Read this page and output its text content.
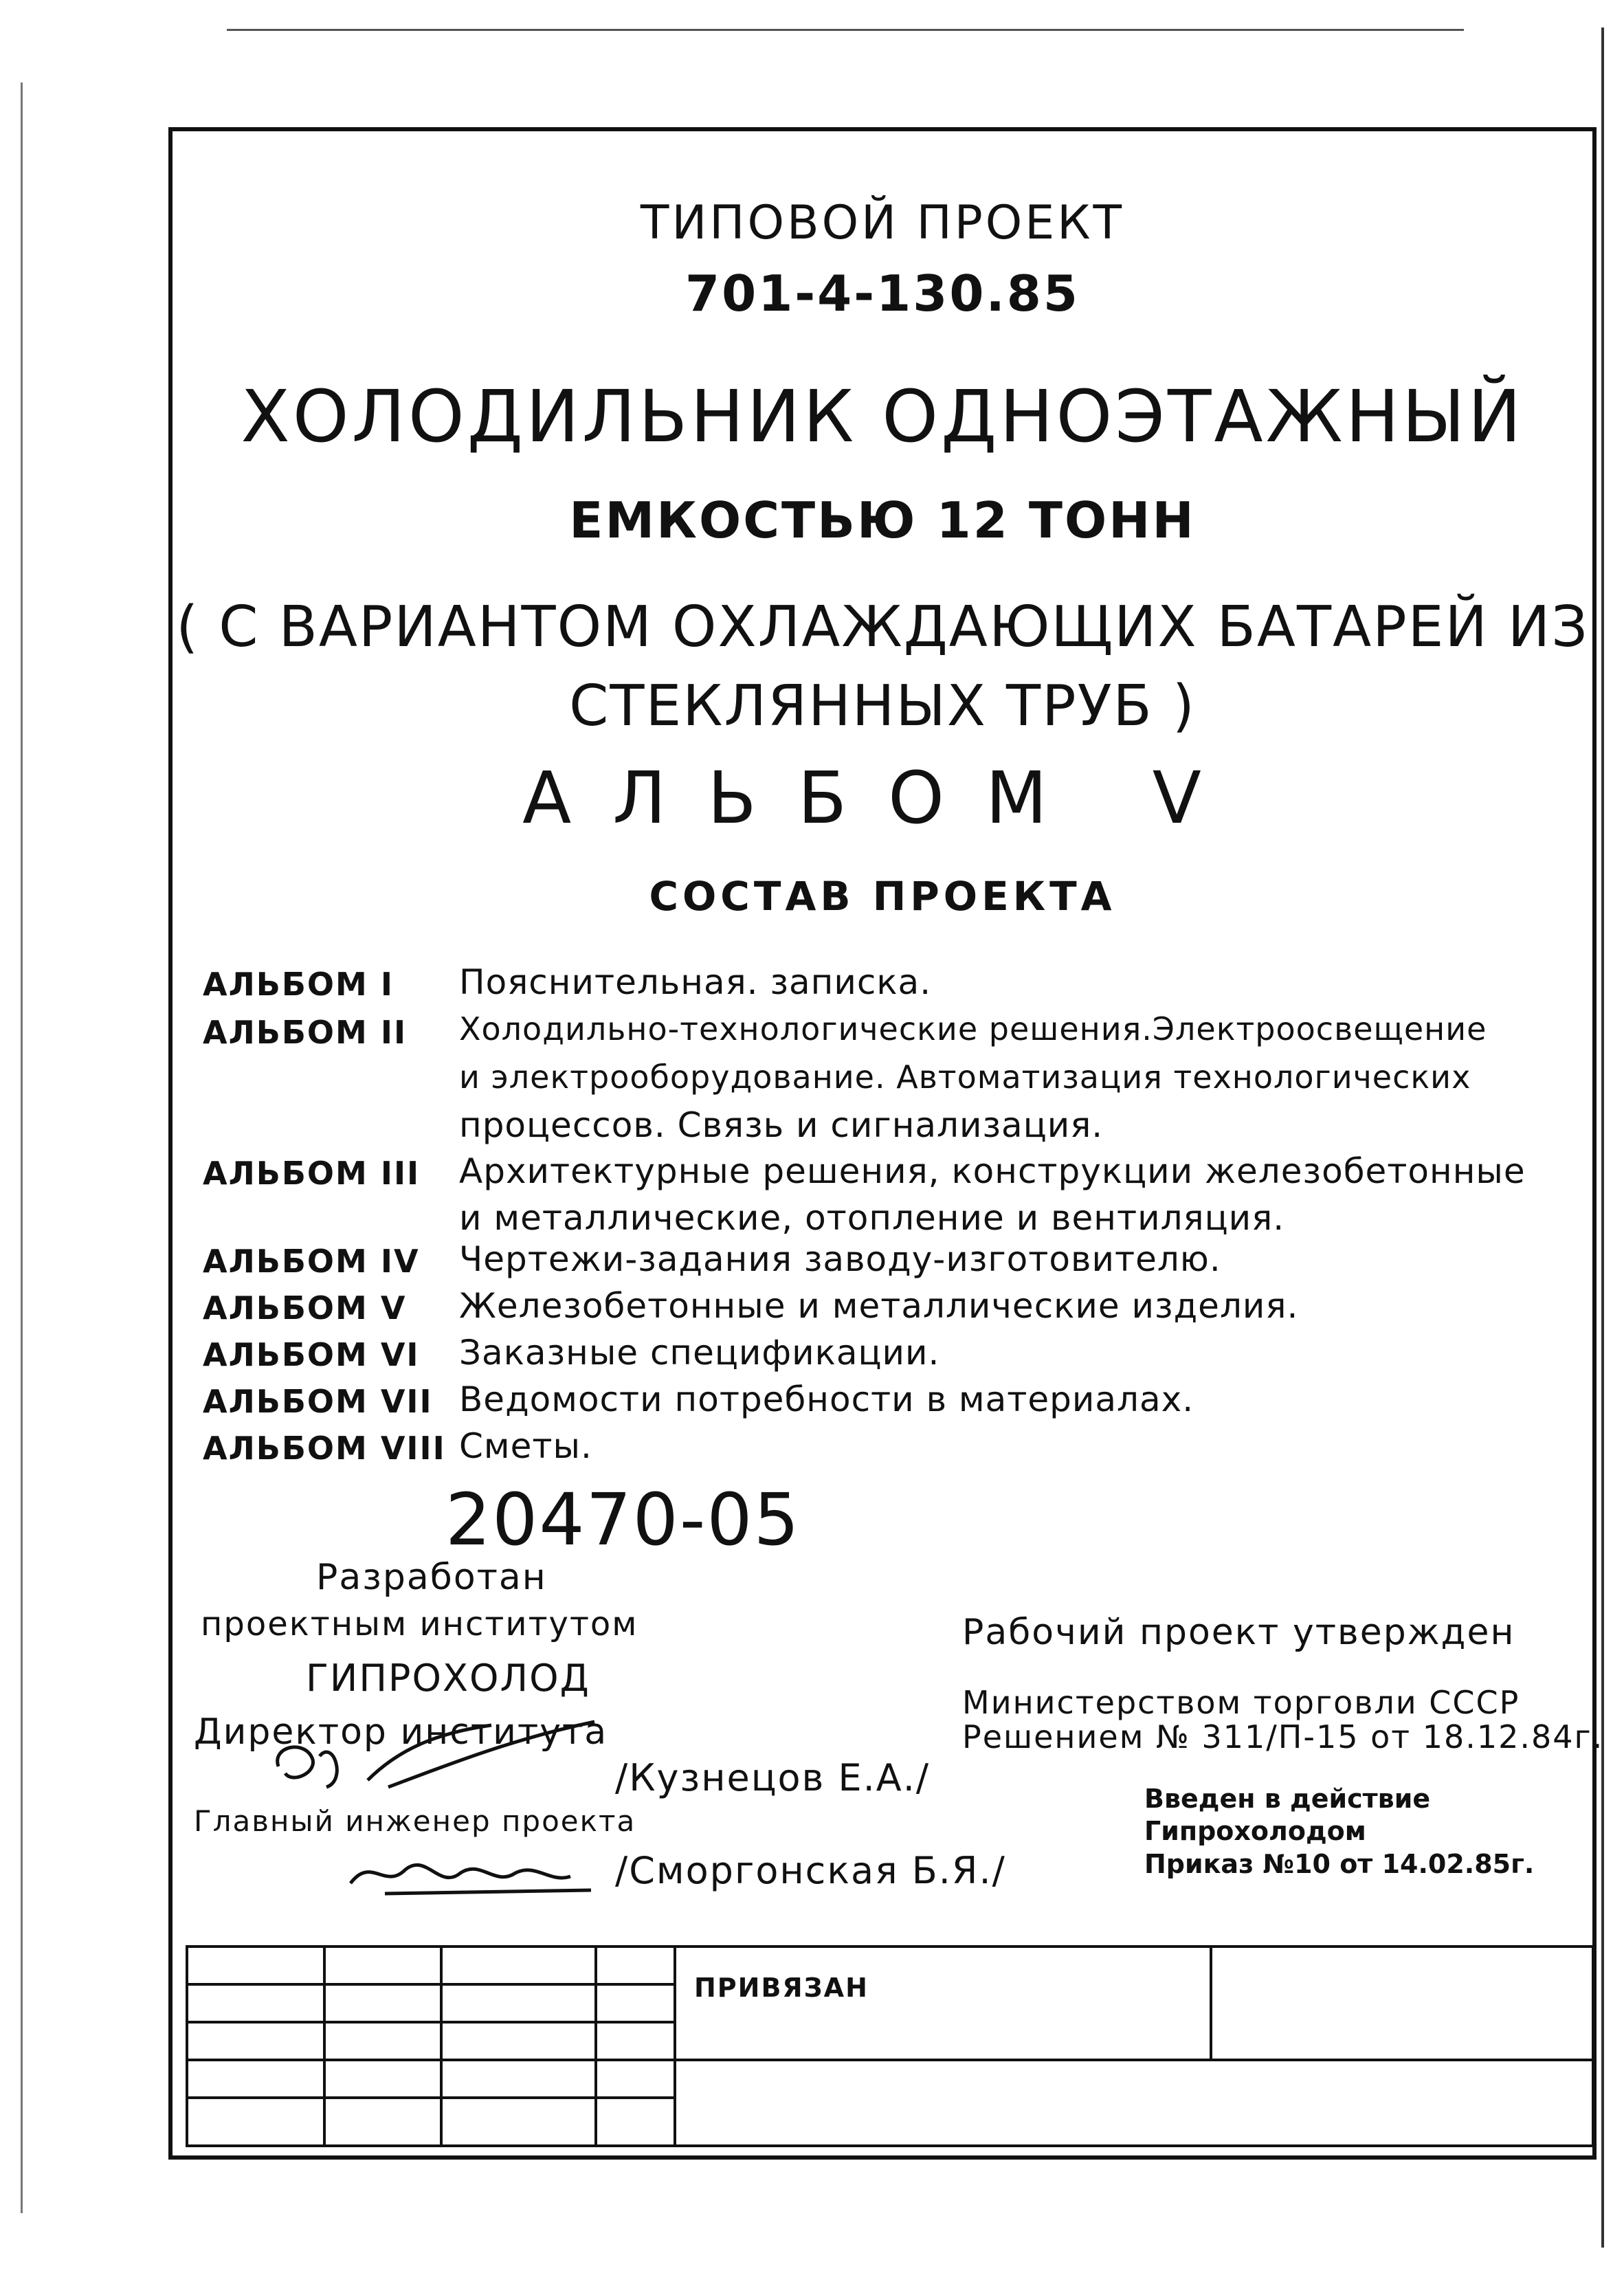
ТИПОВОЙ ПРОЕКТ
701-4-130.85
ХОЛОДИЛЬНИК ОДНОЭТАЖНЫЙ
ЕМКОСТЬЮ 12 ТОНН
( С ВАРИАНТОМ ОХЛАЖДАЮЩИХ БАТАРЕЙ ИЗ
СТЕКЛЯННЫХ ТРУБ )
АЛЬБОМ V
СОСТАВ ПРОЕКТА
АЛЬБОМ I Пояснительная. записка.
АЛЬБОМ II Холодильно-технологические решения.Электроосвещение
и электрооборудование. Автоматизация технологических
процессов. Связь и сигнализация.
АЛЬБОМ III Архитектурные решения, конструкции железобетонные
и металлические, отопление и вентиляция.
АЛЬБОМ IV Чертежи-задания заводу-изготовителю.
АЛЬБОМ V Железобетонные и металлические изделия.
АЛЬБОМ VI Заказные спецификации.
АЛЬБОМ VII Ведомости потребности в материалах.
АЛЬБОМ VIII Сметы.
20470-05
Разработан
проектным институтом
ГИПРОХОЛОД
Директор института
/Кузнецов Е.А./
Главный инженер проекта
/Сморгонская Б.Я./
Рабочий проект утвержден
Министерством торговли СССР
Решением № 311/П-15 от 18.12.84г.
Введен в действие
Гипрохолодом
Приказ №10 от 14.02.85г.
ПРИВЯЗАН
